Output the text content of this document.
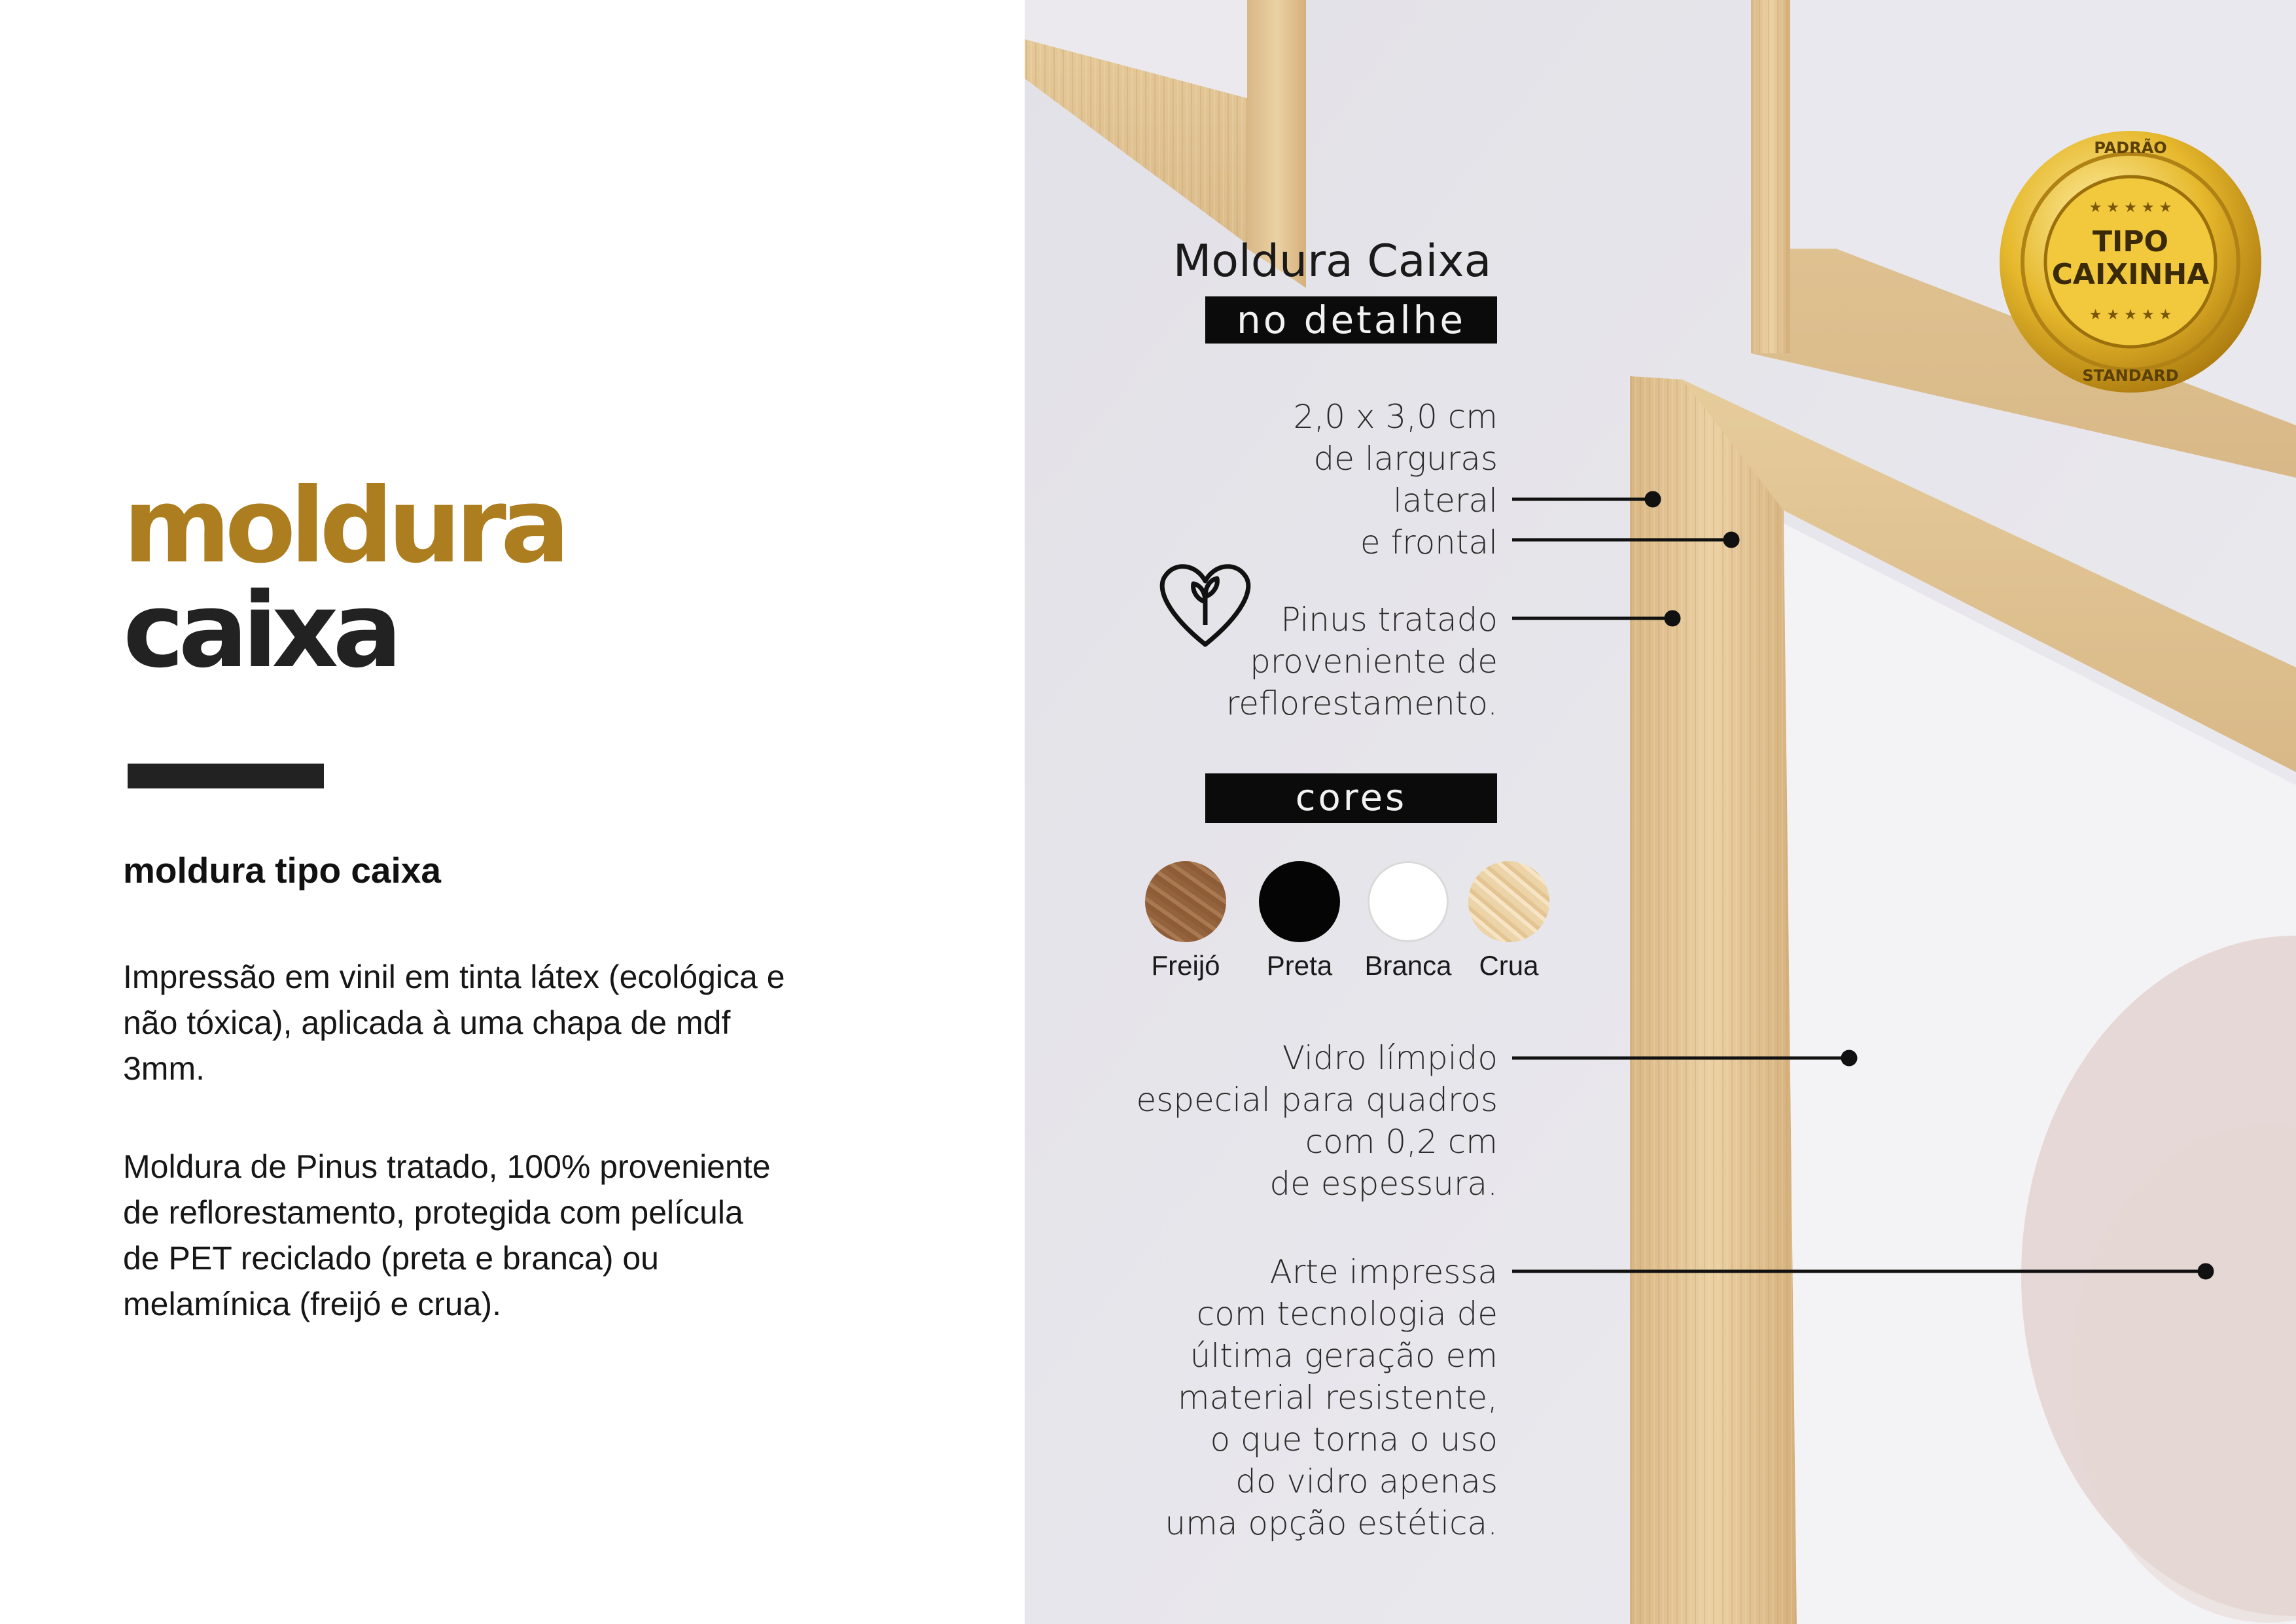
moldura
caixa
moldura tipo caixa
Impressão em vinil em tinta látex (ecológica e
não tóxica), aplicada à uma chapa de mdf
3mm.
Moldura de Pinus tratado, 100% proveniente
de reflorestamento, protegida com película
de PET reciclado (preta e branca) ou
melamínica (freijó e crua).
★ ★ ★ ★ ★
★ ★ ★ ★ ★
Moldura Caixa
no detalhe
2,0 x 3,0 cm
de larguras
lateral
e frontal
Pinus tratado
proveniente de
reflorestamento.
cores
Freijó	Preta	Branca Crua
Vidro límpido
especial para quadros
com 0,2 cm
de espessura.
Arte impressa
com tecnologia de
última geração em
material resistente,
o que torna o uso
do vidro apenas
uma opção estética.
TIPO
CAIXINHA
PADRÃO
STANDARD
